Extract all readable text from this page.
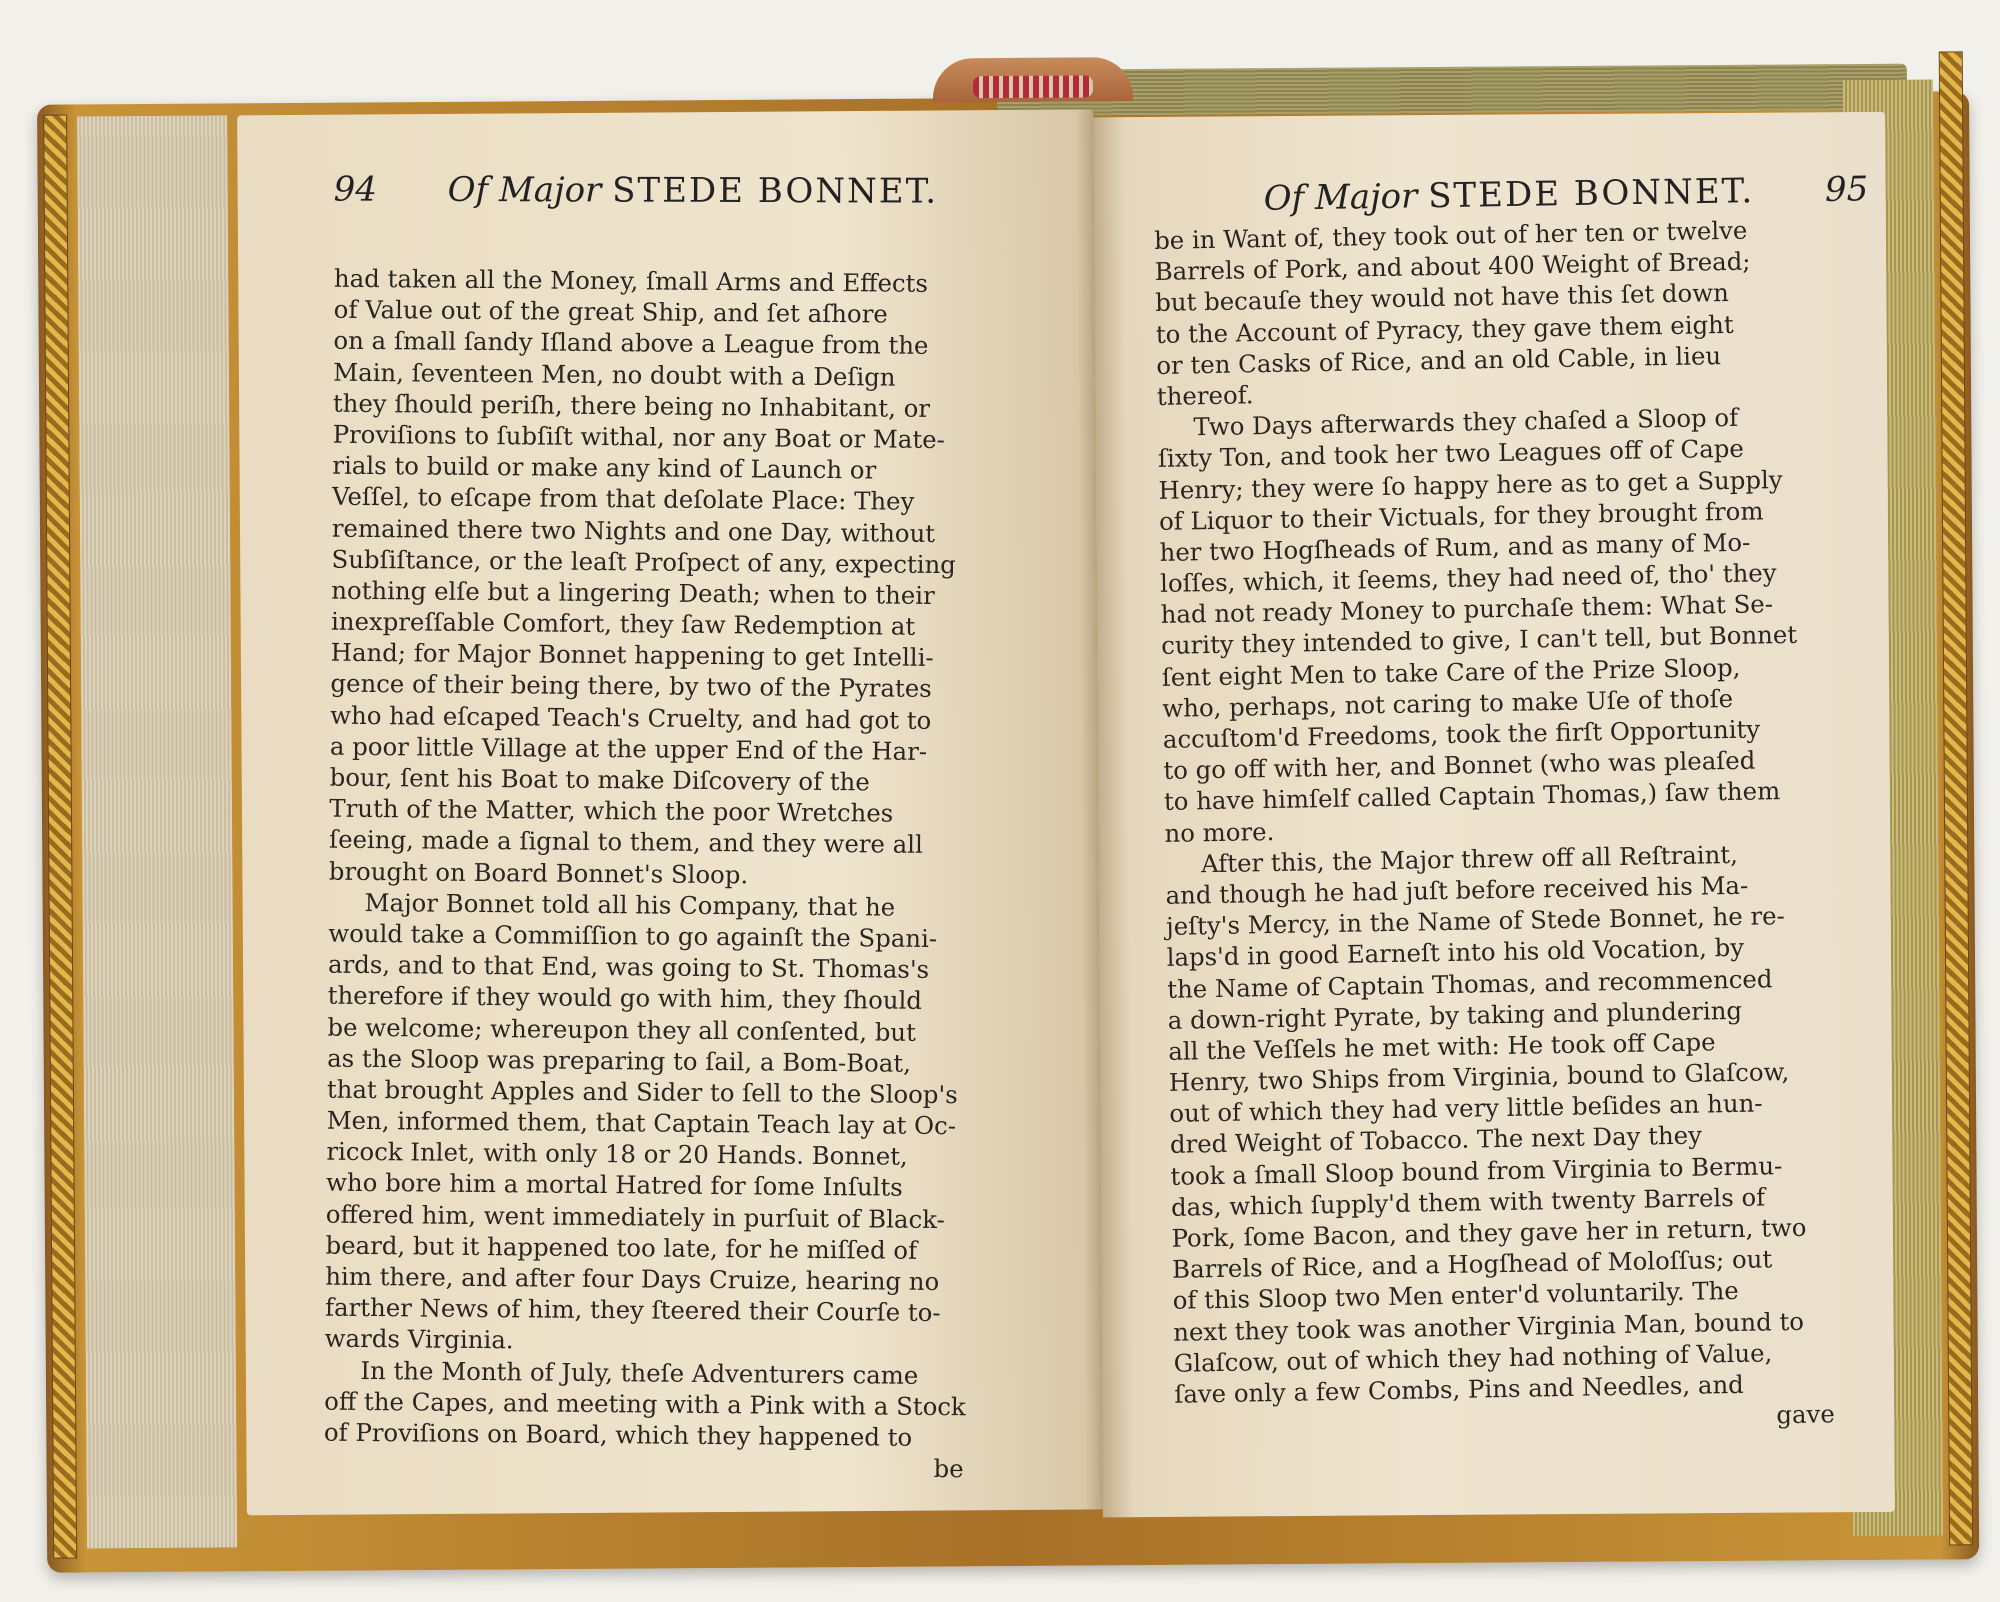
94 Of Major STEDE BONNET.
had taken all the Money, ſmall Arms and Effects
of Value out of the great Ship, and ſet aſhore
on a ſmall ſandy Iſland above a League from the
Main, ſeventeen Men, no doubt with a Deſign
they ſhould periſh, there being no Inhabitant, or
Proviſions to ſubſiſt withal, nor any Boat or Mate-
rials to build or make any kind of Launch or
Veſſel, to eſcape from that deſolate Place: They
remained there two Nights and one Day, without
Subſiſtance, or the leaſt Proſpect of any, expecting
nothing elſe but a lingering Death; when to their
inexpreſſable Comfort, they ſaw Redemption at
Hand; for Major Bonnet happening to get Intelli-
gence of their being there, by two of the Pyrates
who had eſcaped Teach's Cruelty, and had got to
a poor little Village at the upper End of the Har-
bour, ſent his Boat to make Diſcovery of the
Truth of the Matter, which the poor Wretches
ſeeing, made a ſignal to them, and they were all
brought on Board Bonnet's Sloop.
Major Bonnet told all his Company, that he
would take a Commiſſion to go againſt the Spani-
ards, and to that End, was going to St. Thomas's
therefore if they would go with him, they ſhould
be welcome; whereupon they all conſented, but
as the Sloop was preparing to ſail, a Bom-Boat,
that brought Apples and Sider to ſell to the Sloop's
Men, informed them, that Captain Teach lay at Oc-
ricock Inlet, with only 18 or 20 Hands. Bonnet,
who bore him a mortal Hatred for ſome Inſults
offered him, went immediately in purſuit of Black-
beard, but it happened too late, for he miſſed of
him there, and after four Days Cruize, hearing no
farther News of him, they ſteered their Courſe to-
wards Virginia.
In the Month of July, theſe Adventurers came
off the Capes, and meeting with a Pink with a Stock
of Proviſions on Board, which they happened to
be
Of Major STEDE BONNET. 95
be in Want of, they took out of her ten or twelve
Barrels of Pork, and about 400 Weight of Bread;
but becauſe they would not have this ſet down
to the Account of Pyracy, they gave them eight
or ten Casks of Rice, and an old Cable, in lieu
thereof.
Two Days afterwards they chaſed a Sloop of
ſixty Ton, and took her two Leagues off of Cape
Henry; they were ſo happy here as to get a Supply
of Liquor to their Victuals, for they brought from
her two Hogſheads of Rum, and as many of Mo-
loſſes, which, it ſeems, they had need of, tho' they
had not ready Money to purchaſe them: What Se-
curity they intended to give, I can't tell, but Bonnet
ſent eight Men to take Care of the Prize Sloop,
who, perhaps, not caring to make Uſe of thoſe
accuſtom'd Freedoms, took the firſt Opportunity
to go off with her, and Bonnet (who was pleaſed
to have himſelf called Captain Thomas,) ſaw them
no more.
After this, the Major threw off all Reſtraint,
and though he had juſt before received his Ma-
jeſty's Mercy, in the Name of Stede Bonnet, he re-
laps'd in good Earneſt into his old Vocation, by
the Name of Captain Thomas, and recommenced
a down-right Pyrate, by taking and plundering
all the Veſſels he met with: He took off Cape
Henry, two Ships from Virginia, bound to Glaſcow,
out of which they had very little beſides an hun-
dred Weight of Tobacco. The next Day they
took a ſmall Sloop bound from Virginia to Bermu-
das, which ſupply'd them with twenty Barrels of
Pork, ſome Bacon, and they gave her in return, two
Barrels of Rice, and a Hogſhead of Moloſſus; out
of this Sloop two Men enter'd voluntarily. The
next they took was another Virginia Man, bound to
Glaſcow, out of which they had nothing of Value,
ſave only a few Combs, Pins and Needles, and
gave
